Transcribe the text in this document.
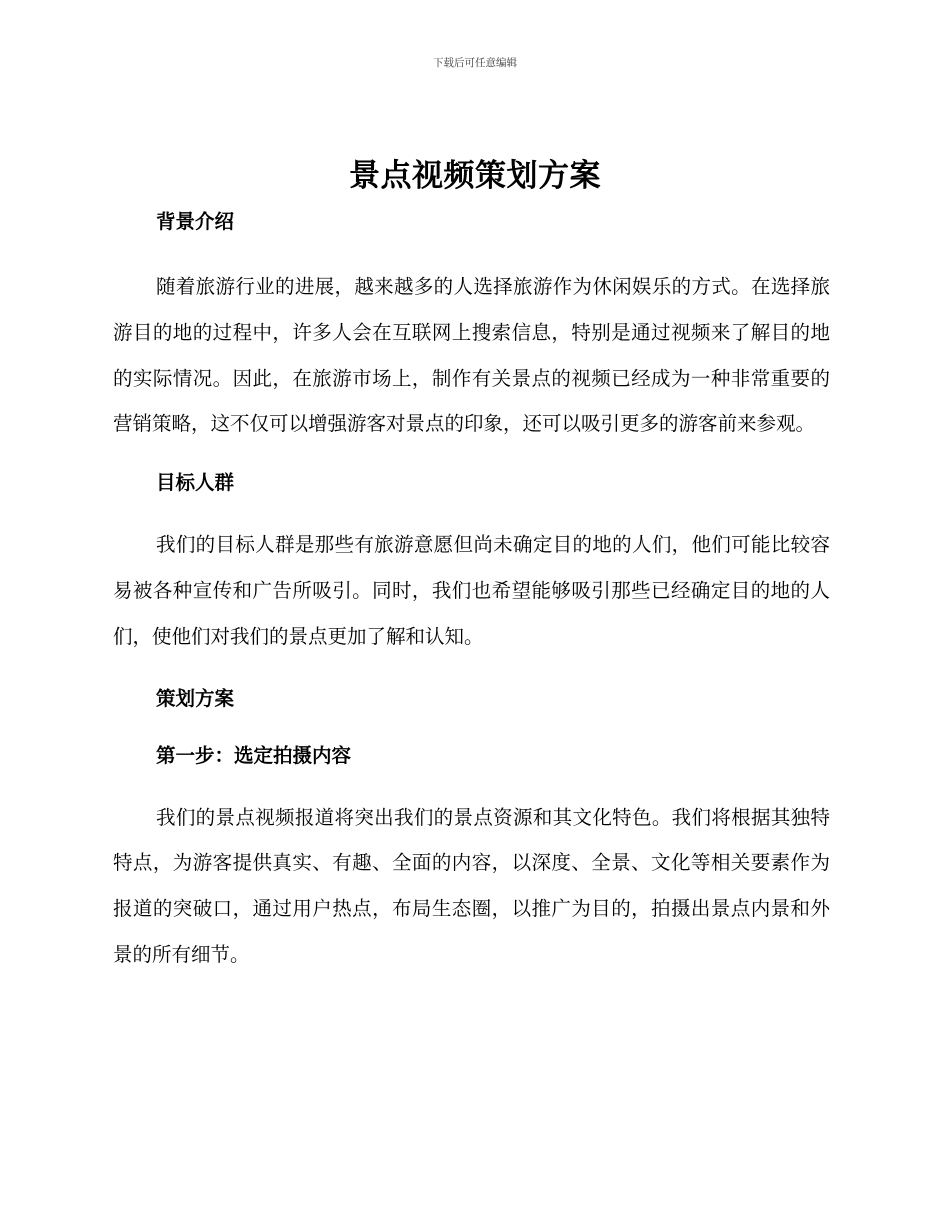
下载后可任意编辑
景点视频策划方案

背景介绍

随着旅游行业的进展，越来越多的人选择旅游作为休闲娱乐的方式。在选择旅游目的地的过程中，许多人会在互联网上搜索信息，特别是通过视频来了解目的地的实际情况。因此，在旅游市场上，制作有关景点的视频已经成为一种非常重要的营销策略，这不仅可以增强游客对景点的印象，还可以吸引更多的游客前来参观。

目标人群

我们的目标人群是那些有旅游意愿但尚未确定目的地的人们，他们可能比较容易被各种宣传和广告所吸引。同时，我们也希望能够吸引那些已经确定目的地的人们，使他们对我们的景点更加了解和认知。

策划方案

第一步：选定拍摄内容

我们的景点视频报道将突出我们的景点资源和其文化特色。我们将根据其独特特点，为游客提供真实、有趣、全面的内容，以深度、全景、文化等相关要素作为报道的突破口，通过用户热点，布局生态圈，以推广为目的，拍摄出景点内景和外景的所有细节。
